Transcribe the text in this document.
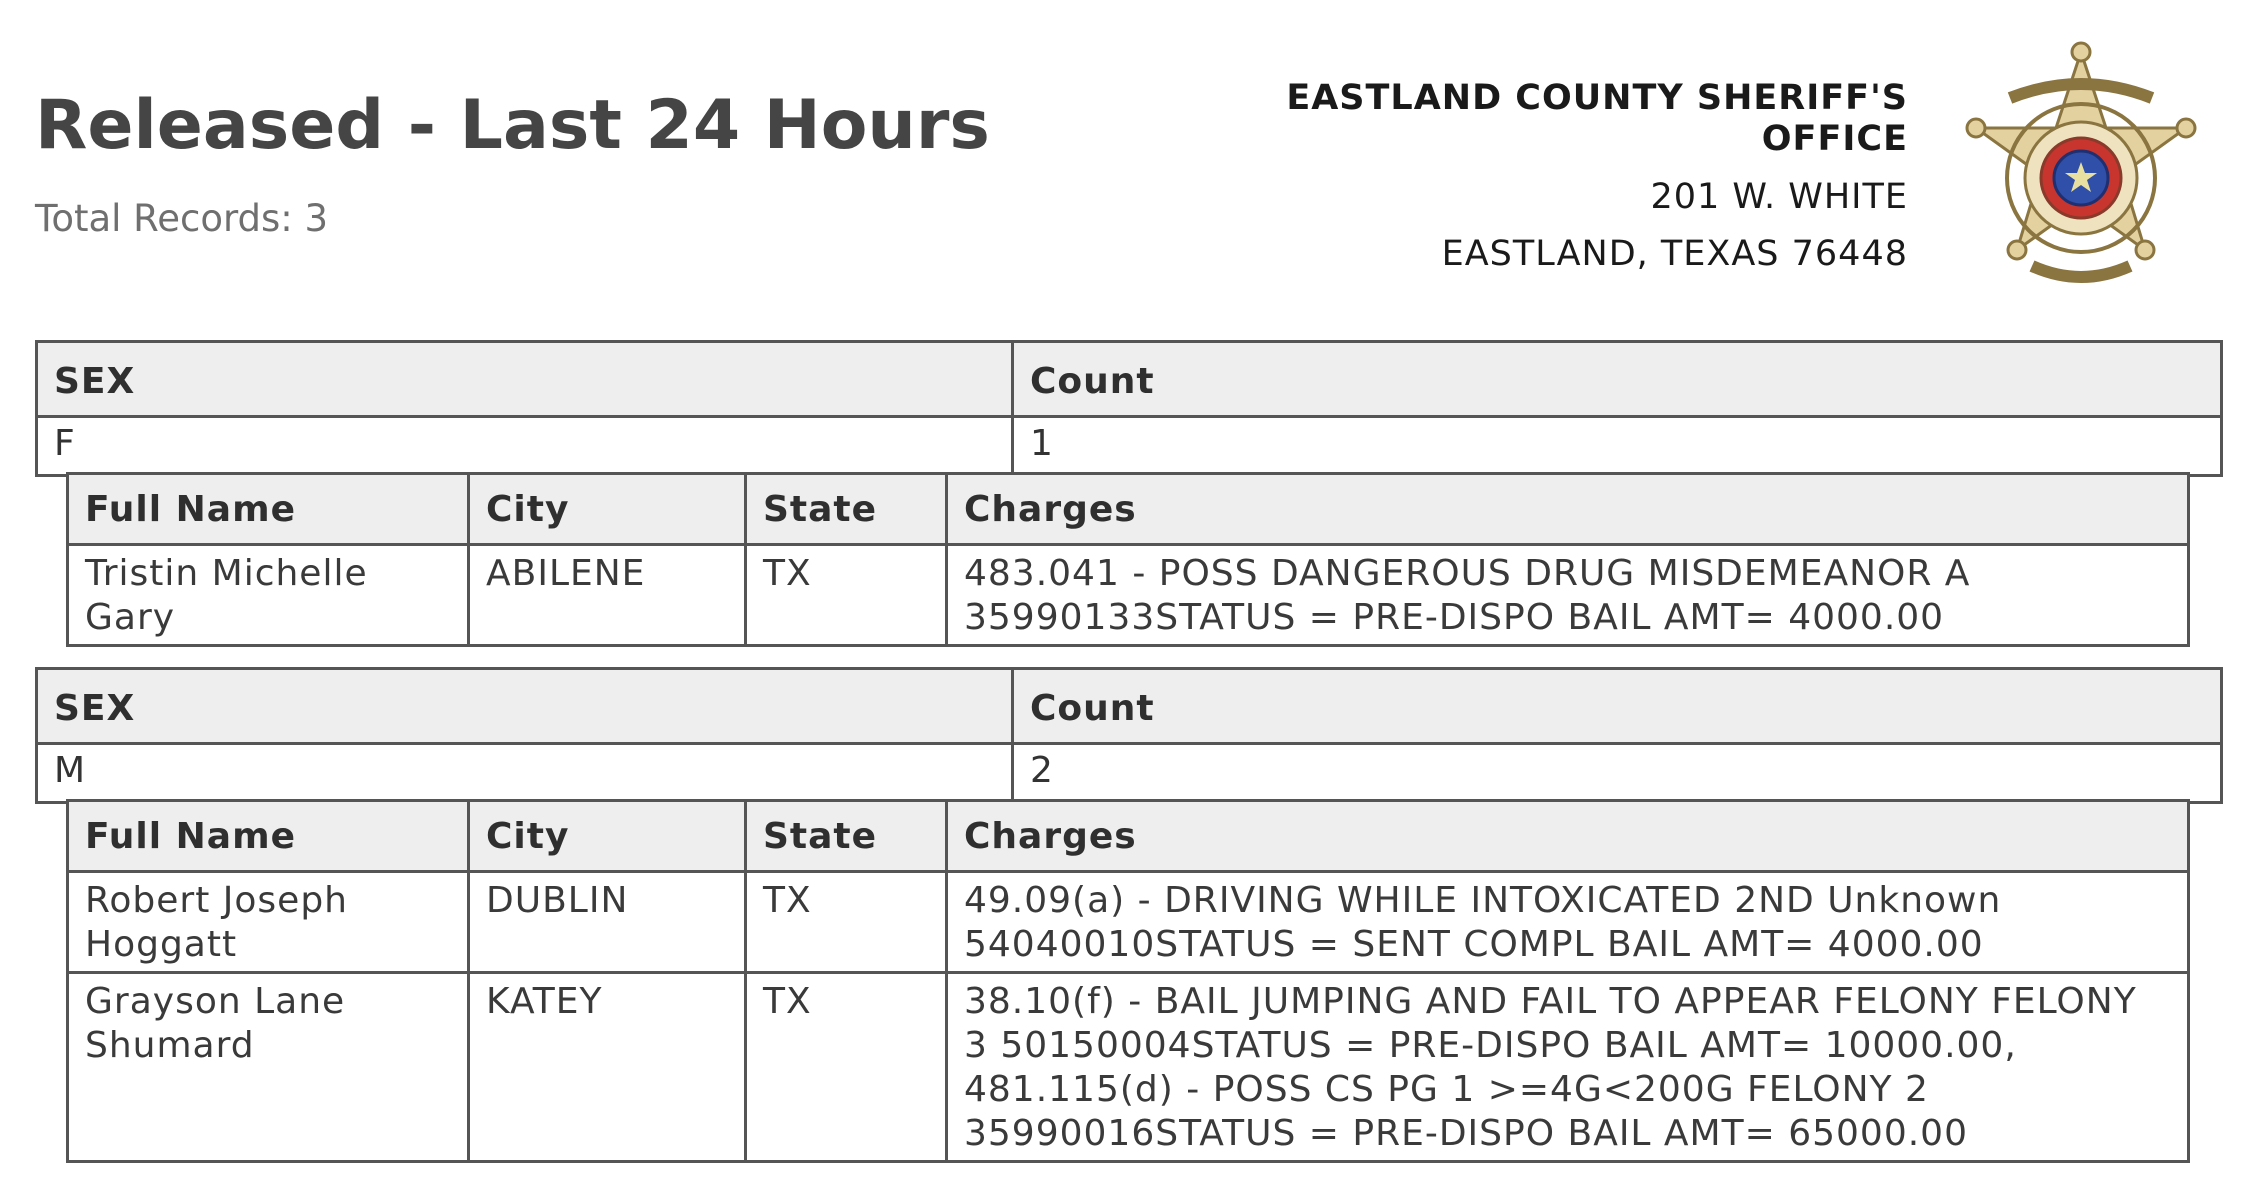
Released - Last 24 Hours
Total Records: 3
EASTLAND COUNTY SHERIFF'S
OFFICE
201 W. WHITE
EASTLAND, TEXAS 76448
SEX	Count
F	1
Full Name	City	State	Charges
Tristin Michelle Gary	ABILENE	TX	483.041 - POSS DANGEROUS DRUG MISDEMEANOR A 35990133STATUS = PRE-DISPO BAIL AMT= 4000.00
SEX	Count
M	2
Full Name	City	State	Charges
Robert Joseph Hoggatt	DUBLIN	TX	49.09(a) - DRIVING WHILE INTOXICATED 2ND Unknown 54040010STATUS = SENT COMPL BAIL AMT= 4000.00
Grayson Lane Shumard	KATEY	TX	38.10(f) - BAIL JUMPING AND FAIL TO APPEAR FELONY FELONY 3 50150004STATUS = PRE-DISPO BAIL AMT= 10000.00, 481.115(d) - POSS CS PG 1 >=4G<200G FELONY 2 35990016STATUS = PRE-DISPO BAIL AMT= 65000.00
